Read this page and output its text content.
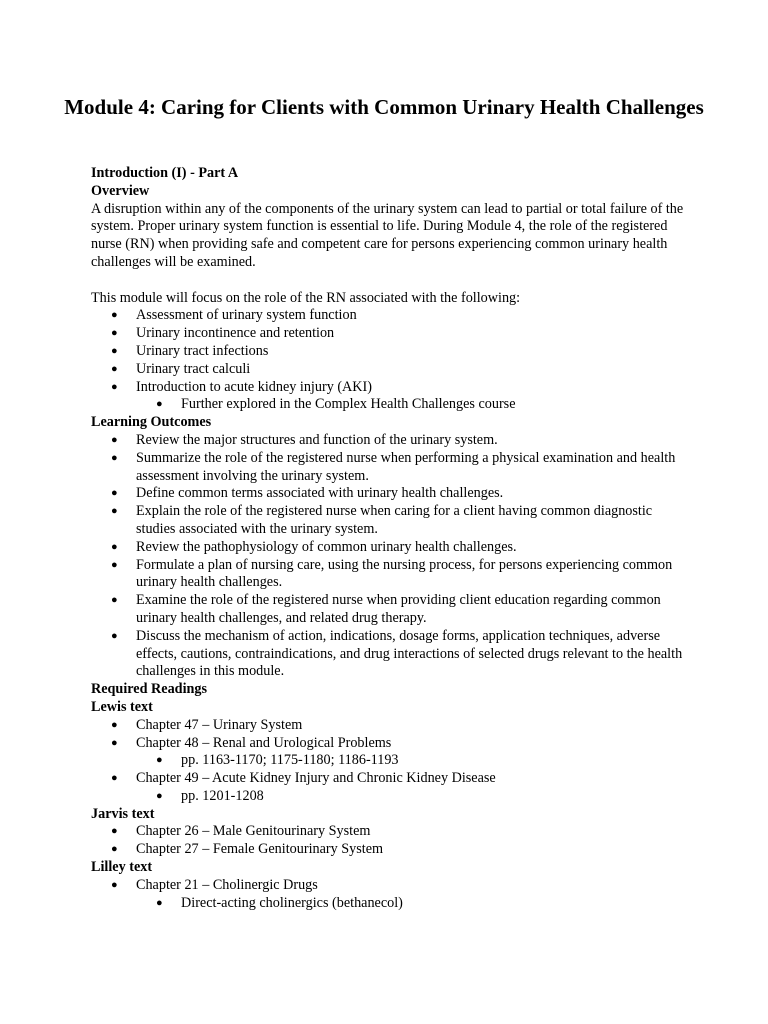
Module 4: Caring for Clients with Common Urinary Health Challenges

Introduction (I) - Part A

Overview

A disruption within any of the components of the urinary system can lead to partial or total failure of the system. Proper urinary system function is essential to life. During Module 4, the role of the registered nurse (RN) when providing safe and competent care for persons experiencing common urinary health challenges will be examined.

This module will focus on the role of the RN associated with the following:

● Assessment of urinary system function
● Urinary incontinence and retention
● Urinary tract infections
● Urinary tract calculi
● Introduction to acute kidney injury (AKI)
● Further explored in the Complex Health Challenges course

Learning Outcomes

● Review the major structures and function of the urinary system.
● Summarize the role of the registered nurse when performing a physical examination and health assessment involving the urinary system.
● Define common terms associated with urinary health challenges.
● Explain the role of the registered nurse when caring for a client having common diagnostic studies associated with the urinary system.
● Review the pathophysiology of common urinary health challenges.
● Formulate a plan of nursing care, using the nursing process, for persons experiencing common urinary health challenges.
● Examine the role of the registered nurse when providing client education regarding common urinary health challenges, and related drug therapy.
● Discuss the mechanism of action, indications, dosage forms, application techniques, adverse effects, cautions, contraindications, and drug interactions of selected drugs relevant to the health challenges in this module.

Required Readings

Lewis text

● Chapter 47 – Urinary System
● Chapter 48 – Renal and Urological Problems
● pp. 1163-1170; 1175-1180; 1186-1193
● Chapter 49 – Acute Kidney Injury and Chronic Kidney Disease
● pp. 1201-1208

Jarvis text

● Chapter 26 – Male Genitourinary System
● Chapter 27 – Female Genitourinary System

Lilley text

● Chapter 21 – Cholinergic Drugs
● Direct-acting cholinergics (bethanecol)
